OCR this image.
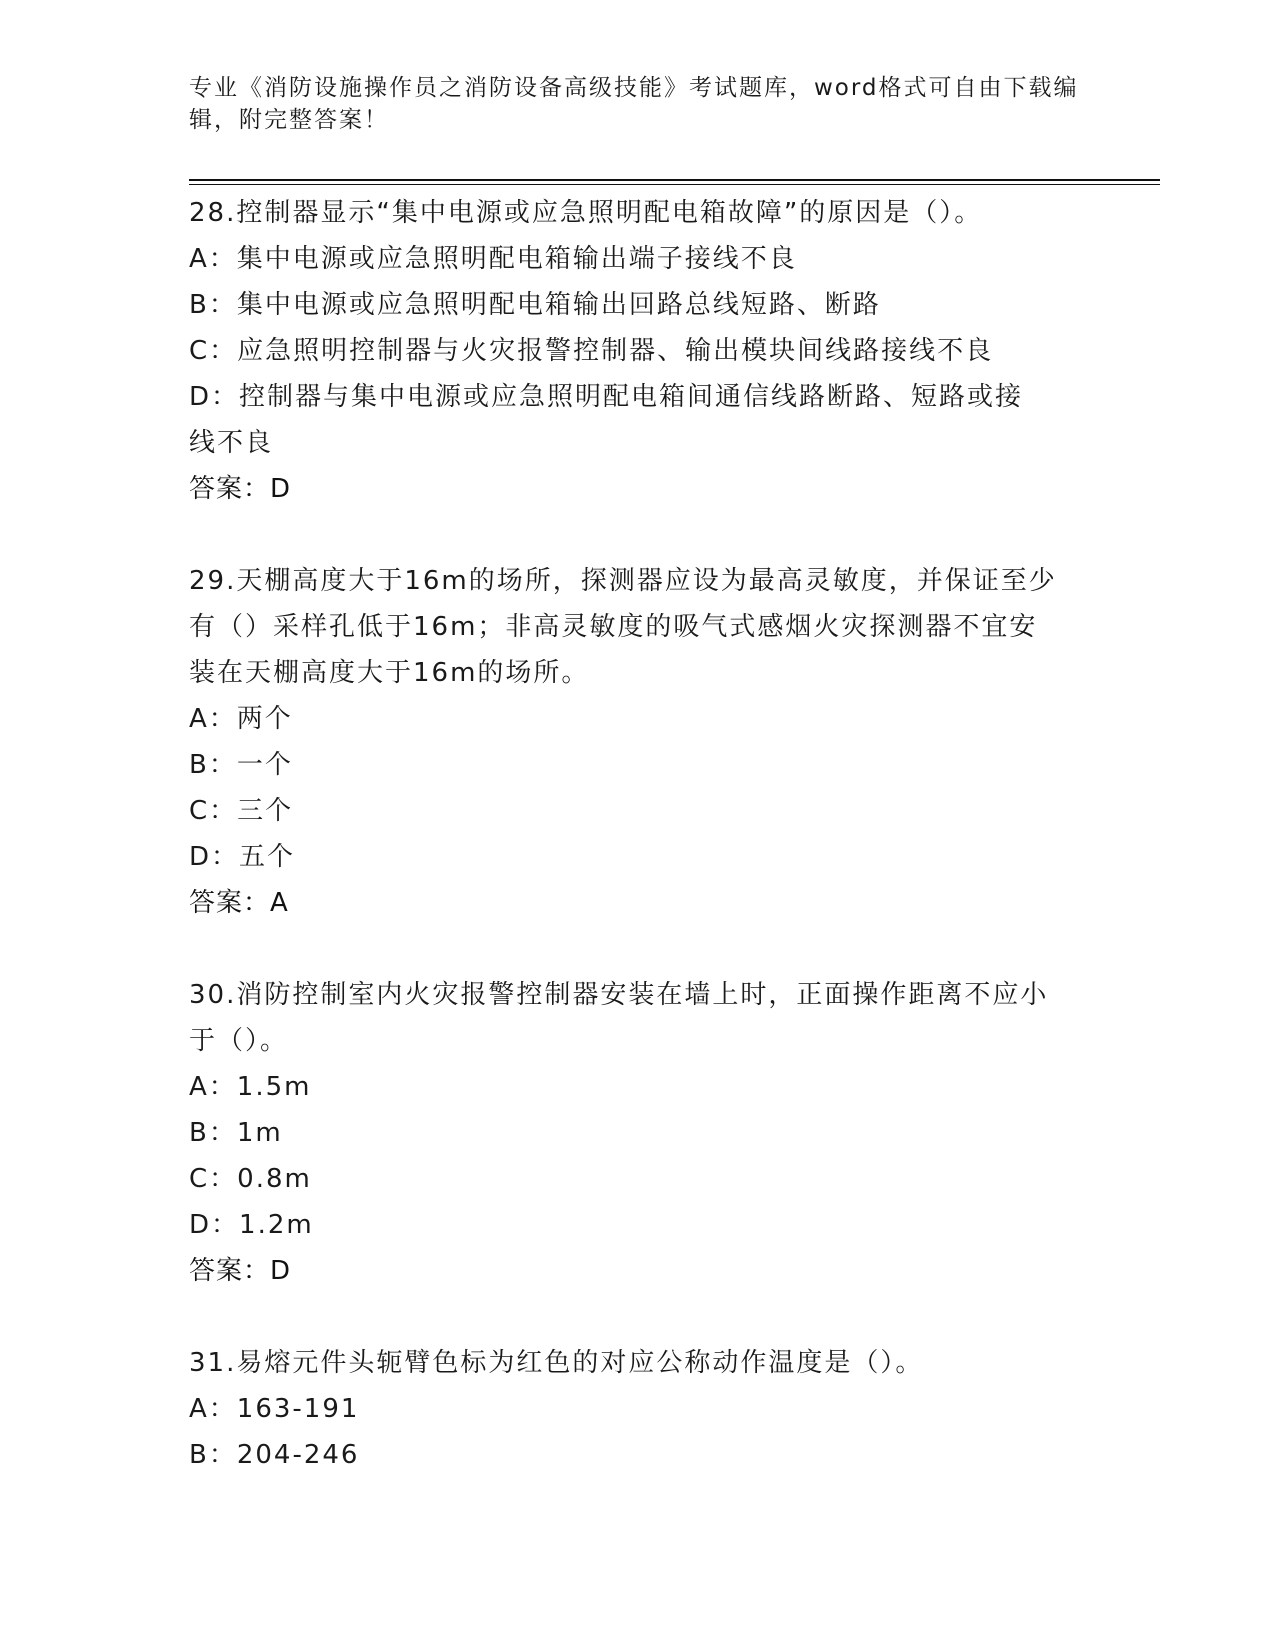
专业《消防设施操作员之消防设备高级技能》考试题库，word格式可自由下载编辑，附完整答案！
28.控制器显示“集中电源或应急照明配电箱故障”的原因是（）。
A：集中电源或应急照明配电箱输出端子接线不良
B：集中电源或应急照明配电箱输出回路总线短路、断路
C：应急照明控制器与火灾报警控制器、输出模块间线路接线不良
D：控制器与集中电源或应急照明配电箱间通信线路断路、短路或接线不良
答案：D
29.天棚高度大于16m的场所，探测器应设为最高灵敏度，并保证至少有（）采样孔低于16m；非高灵敏度的吸气式感烟火灾探测器不宜安装在天棚高度大于16m的场所。
A：两个
B：一个
C：三个
D：五个
答案：A
30.消防控制室内火灾报警控制器安装在墙上时，正面操作距离不应小于（）。
A：1.5m
B：1m
C：0.8m
D：1.2m
答案：D
31.易熔元件头轭臂色标为红色的对应公称动作温度是（）。
A：163-191
B：204-246
